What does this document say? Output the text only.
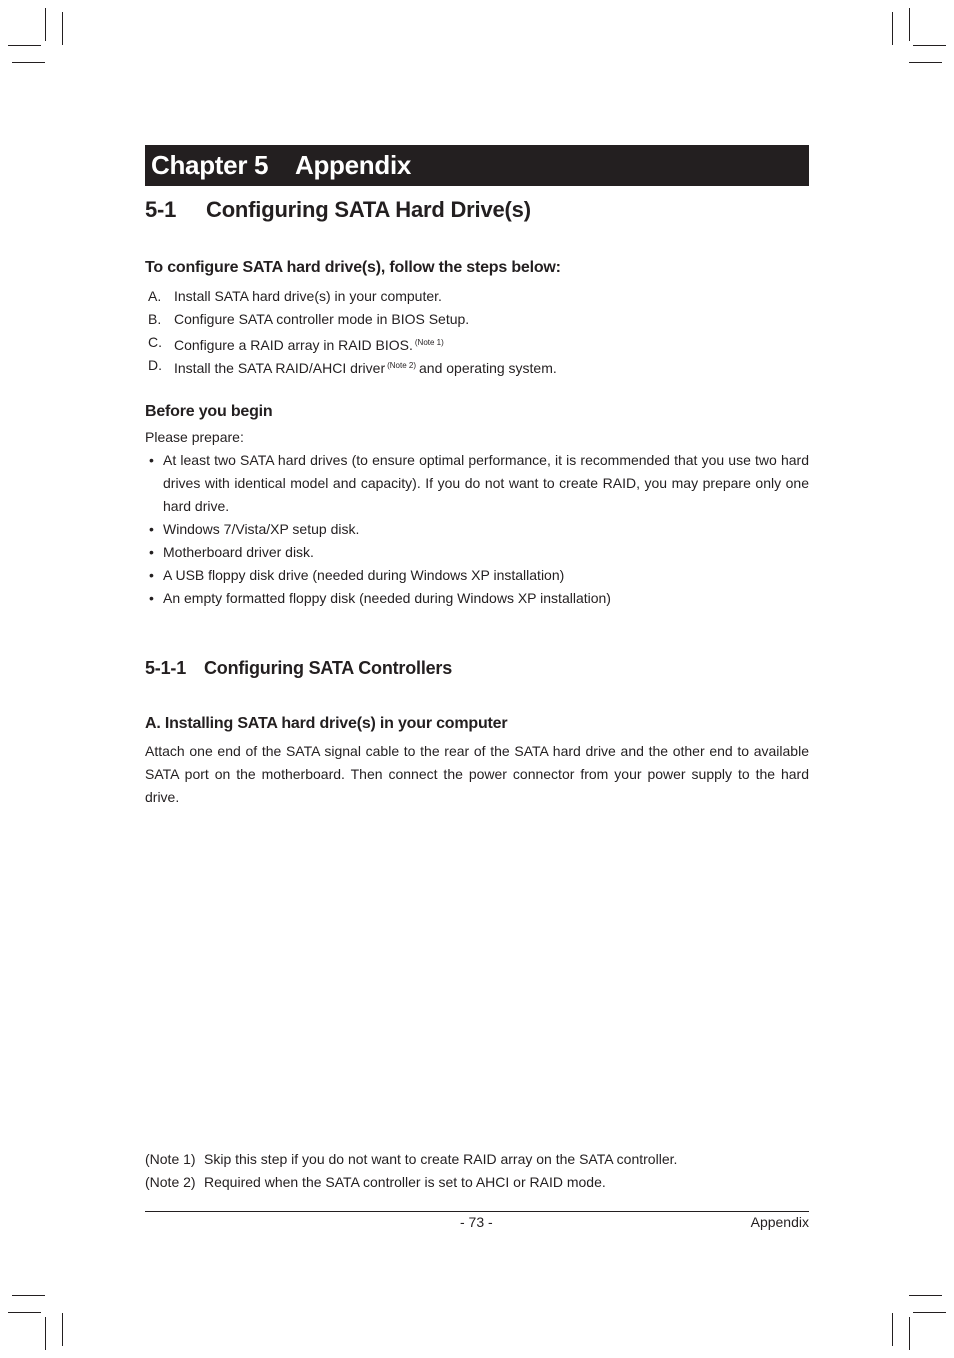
Chapter 5	Appendix
5-1 Configuring SATA Hard Drive(s)
To configure SATA hard drive(s), follow the steps below:
A. Install SATA hard drive(s) in your computer.
B. Configure SATA controller mode in BIOS Setup.
C. Configure a RAID array in RAID BIOS. $^{(Note 1)}$
D. Install the SATA RAID/AHCI driver $^{(Note 2)}$ and operating system.
Before you begin
Please prepare:
• At least two SATA hard drives (to ensure optimal performance, it is recommended that you use two hard drives with identical model and capacity). If you do not want to create RAID, you may prepare only one hard drive.
• Windows 7/Vista/XP setup disk.
• Motherboard driver disk.
• A USB floppy disk drive (needed during Windows XP installation)
• An empty formatted floppy disk (needed during Windows XP installation)
5-1-1 Configuring SATA Controllers
A. Installing SATA hard drive(s) in your computer
Attach one end of the SATA signal cable to the rear of the SATA hard drive and the other end to available SATA port on the motherboard. Then connect the power connector from your power supply to the hard drive.
(Note 1) Skip this step if you do not want to create RAID array on the SATA controller.
(Note 2) Required when the SATA controller is set to AHCI or RAID mode.
- 73 -	Appendix
